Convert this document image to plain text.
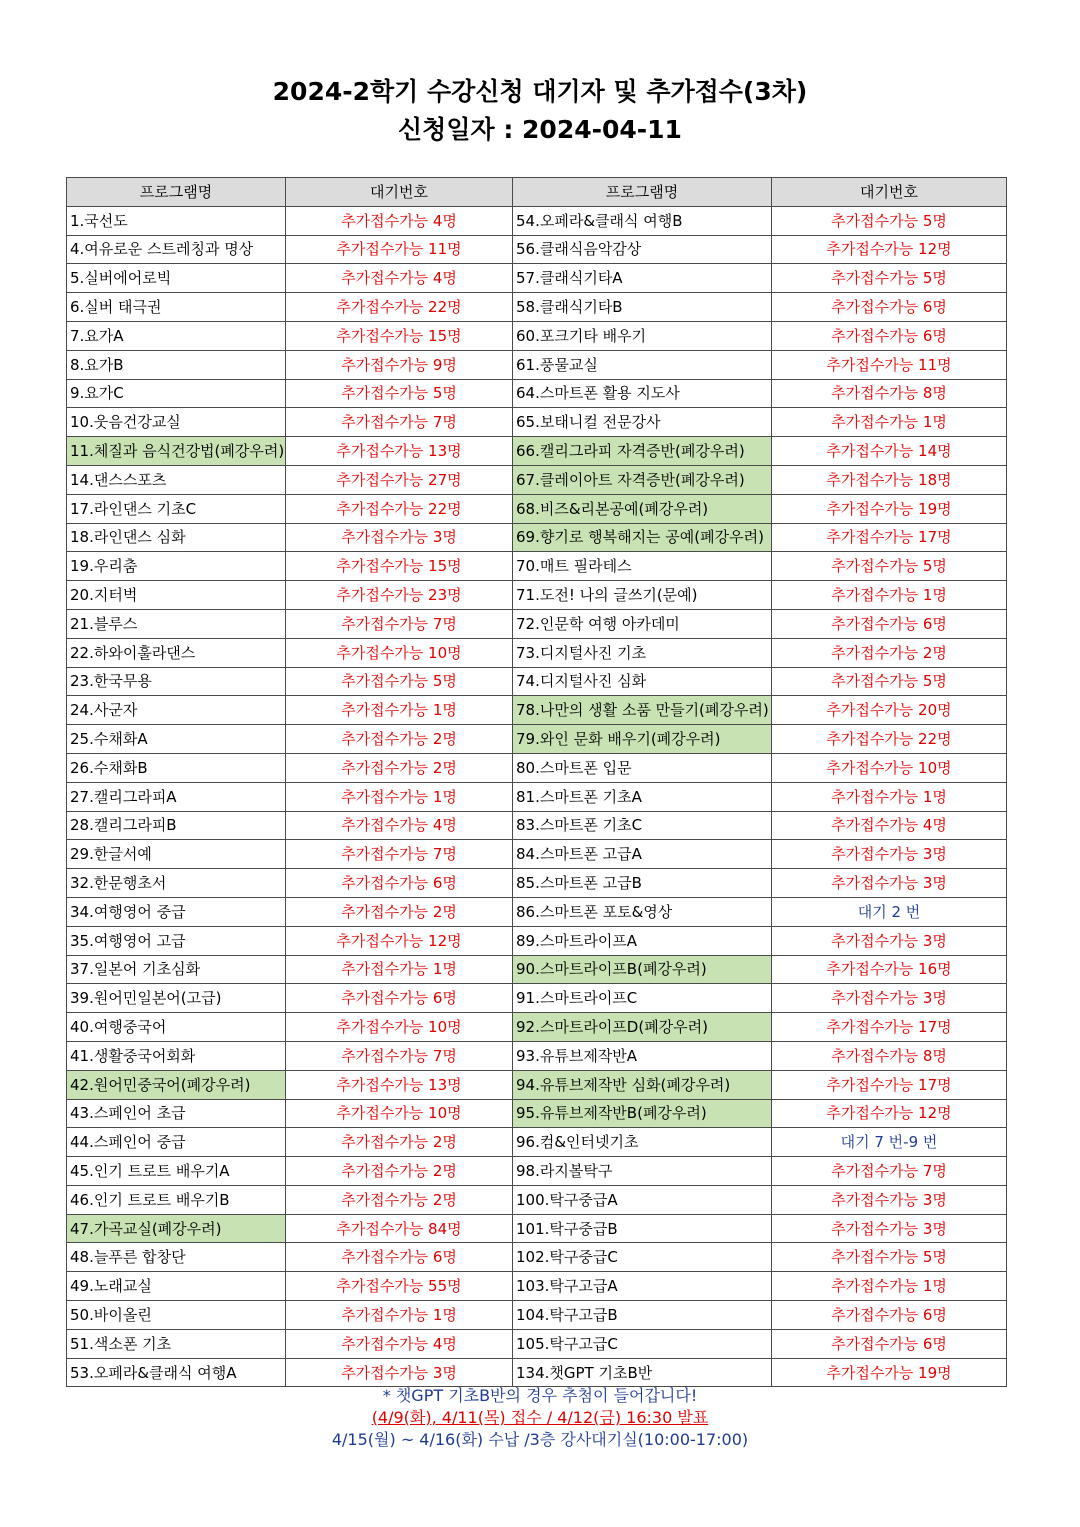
2024-2학기 수강신청 대기자 및 추가접수(3차)
신청일자 : 2024-04-11
프로그램명	대기번호	프로그램명	대기번호
1.국선도	추가접수가능 4명	54.오페라&클래식 여행B	추가접수가능 5명
4.여유로운 스트레칭과 명상	추가접수가능 11명	56.클래식음악감상	추가접수가능 12명
5.실버에어로빅	추가접수가능 4명	57.클래식기타A	추가접수가능 5명
6.실버 태극권	추가접수가능 22명	58.클래식기타B	추가접수가능 6명
7.요가A	추가접수가능 15명	60.포크기타 배우기	추가접수가능 6명
8.요가B	추가접수가능 9명	61.풍물교실	추가접수가능 11명
9.요가C	추가접수가능 5명	64.스마트폰 활용 지도사	추가접수가능 8명
10.웃음건강교실	추가접수가능 7명	65.보태니컬 전문강사	추가접수가능 1명
11.체질과 음식건강법(폐강우려)	추가접수가능 13명	66.캘리그라피 자격증반(폐강우려)	추가접수가능 14명
14.댄스스포츠	추가접수가능 27명	67.클레이아트 자격증반(폐강우려)	추가접수가능 18명
17.라인댄스 기초C	추가접수가능 22명	68.비즈&리본공예(폐강우려)	추가접수가능 19명
18.라인댄스 심화	추가접수가능 3명	69.향기로 행복해지는 공예(폐강우려)	추가접수가능 17명
19.우리춤	추가접수가능 15명	70.매트 필라테스	추가접수가능 5명
20.지터벅	추가접수가능 23명	71.도전! 나의 글쓰기(문예)	추가접수가능 1명
21.블루스	추가접수가능 7명	72.인문학 여행 아카데미	추가접수가능 6명
22.하와이훌라댄스	추가접수가능 10명	73.디지털사진 기초	추가접수가능 2명
23.한국무용	추가접수가능 5명	74.디지털사진 심화	추가접수가능 5명
24.사군자	추가접수가능 1명	78.나만의 생활 소품 만들기(폐강우려)	추가접수가능 20명
25.수채화A	추가접수가능 2명	79.와인 문화 배우기(폐강우려)	추가접수가능 22명
26.수채화B	추가접수가능 2명	80.스마트폰 입문	추가접수가능 10명
27.캘리그라피A	추가접수가능 1명	81.스마트폰 기초A	추가접수가능 1명
28.캘리그라피B	추가접수가능 4명	83.스마트폰 기초C	추가접수가능 4명
29.한글서예	추가접수가능 7명	84.스마트폰 고급A	추가접수가능 3명
32.한문행초서	추가접수가능 6명	85.스마트폰 고급B	추가접수가능 3명
34.여행영어 중급	추가접수가능 2명	86.스마트폰 포토&영상	대기 2 번
35.여행영어 고급	추가접수가능 12명	89.스마트라이프A	추가접수가능 3명
37.일본어 기초심화	추가접수가능 1명	90.스마트라이프B(폐강우려)	추가접수가능 16명
39.원어민일본어(고급)	추가접수가능 6명	91.스마트라이프C	추가접수가능 3명
40.여행중국어	추가접수가능 10명	92.스마트라이프D(폐강우려)	추가접수가능 17명
41.생활중국어회화	추가접수가능 7명	93.유튜브제작반A	추가접수가능 8명
42.원어민중국어(폐강우려)	추가접수가능 13명	94.유튜브제작반 심화(폐강우려)	추가접수가능 17명
43.스페인어 초급	추가접수가능 10명	95.유튜브제작반B(폐강우려)	추가접수가능 12명
44.스페인어 중급	추가접수가능 2명	96.컴&인터넷기초	대기 7 번-9 번
45.인기 트로트 배우기A	추가접수가능 2명	98.라지볼탁구	추가접수가능 7명
46.인기 트로트 배우기B	추가접수가능 2명	100.탁구중급A	추가접수가능 3명
47.가곡교실(폐강우려)	추가접수가능 84명	101.탁구중급B	추가접수가능 3명
48.늘푸른 합창단	추가접수가능 6명	102.탁구중급C	추가접수가능 5명
49.노래교실	추가접수가능 55명	103.탁구고급A	추가접수가능 1명
50.바이올린	추가접수가능 1명	104.탁구고급B	추가접수가능 6명
51.색소폰 기초	추가접수가능 4명	105.탁구고급C	추가접수가능 6명
53.오페라&클래식 여행A	추가접수가능 3명	134.챗GPT 기초B반	추가접수가능 19명
* 챗GPT 기초B반의 경우 추첨이 들어갑니다!
(4/9(화), 4/11(목) 접수 / 4/12(금) 16:30 발표
4/15(월) ~ 4/16(화) 수납 /3층 강사대기실(10:00-17:00)
